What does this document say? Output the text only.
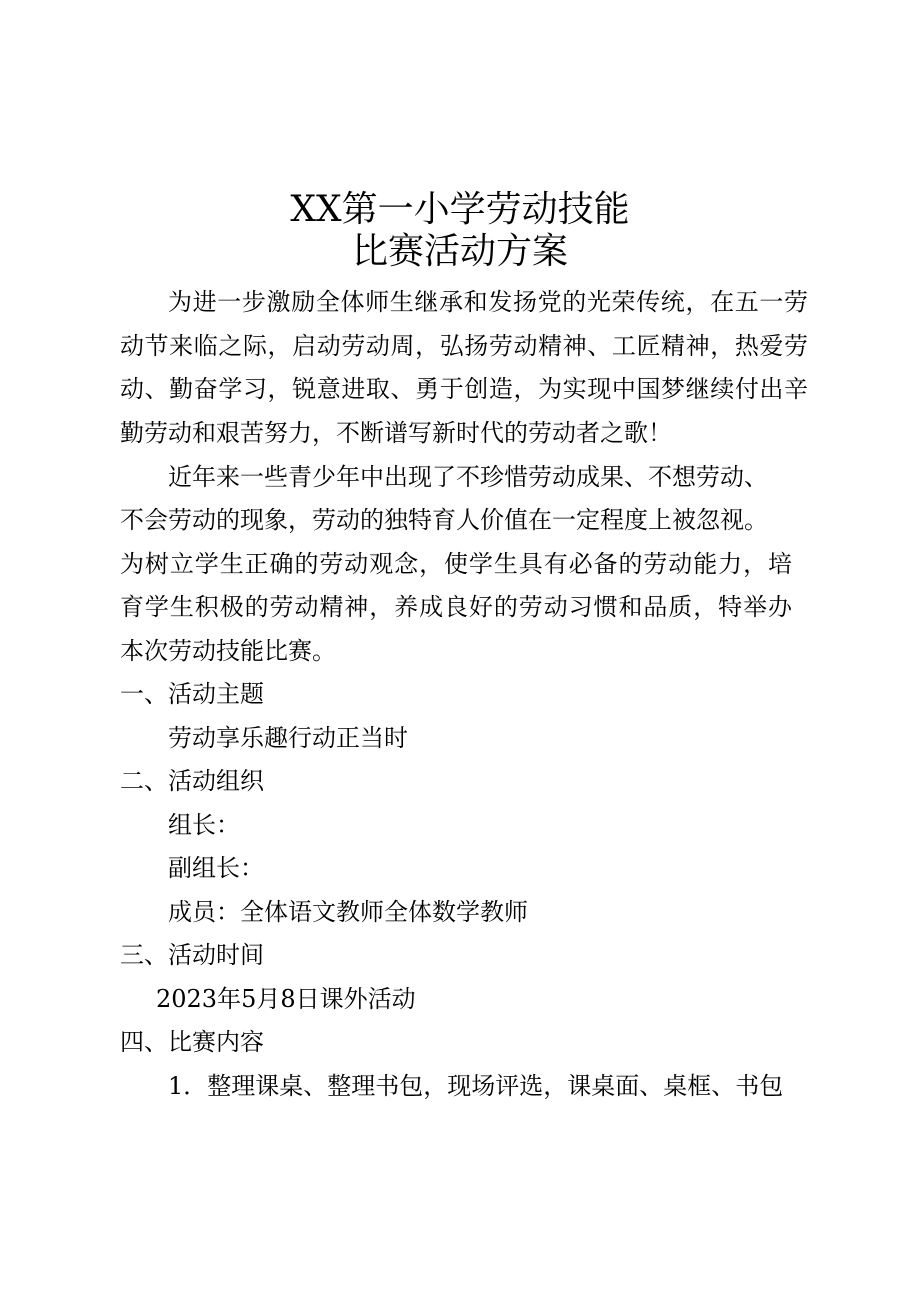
XX第一小学劳动技能
比赛活动方案
为进一步激励全体师生继承和发扬党的光荣传统，在五一劳
动节来临之际，启动劳动周，弘扬劳动精神、工匠精神，热爱劳
动、勤奋学习，锐意进取、勇于创造，为实现中国梦继续付出辛
勤劳动和艰苦努力，不断谱写新时代的劳动者之歌！
近年来一些青少年中出现了不珍惜劳动成果、不想劳动、
不会劳动的现象，劳动的独特育人价值在一定程度上被忽视。
为树立学生正确的劳动观念，使学生具有必备的劳动能力，培
育学生积极的劳动精神，养成良好的劳动习惯和品质，特举办
本次劳动技能比赛。
一、活动主题
劳动享乐趣行动正当时
二、活动组织
组长：
副组长：
成员：全体语文教师全体数学教师
三、活动时间
2023年5月8日课外活动
四、比赛内容
1．整理课桌、整理书包，现场评选，课桌面、桌框、书包
